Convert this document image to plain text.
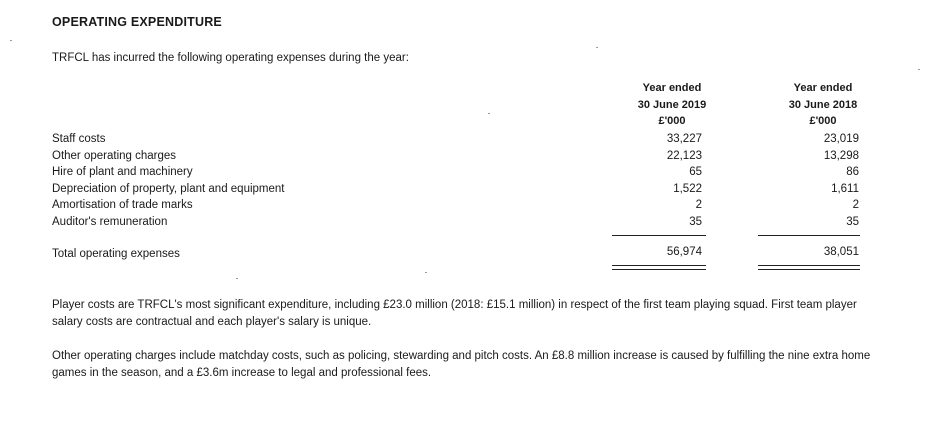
OPERATING EXPENDITURE
TRFCL has incurred the following operating expenses during the year:
Year ended
30 June 2019
£'000
Year ended
30 June 2018
£'000
Staff costs
Other operating charges
Hire of plant and machinery
Depreciation of property, plant and equipment
Amortisation of trade marks
Auditor's remuneration
33,227
22,123
65
1,522
2
35
23,019
13,298
86
1,611
2
35
Total operating expenses	56,974	38,051
Player costs are TRFCL's most significant expenditure, including £23.0 million (2018: £15.1 million) in respect of the first team playing squad. First team player salary costs are contractual and each player's salary is unique.
Other operating charges include matchday costs, such as policing, stewarding and pitch costs. An £8.8 million increase is caused by fulfilling the nine extra home games in the season, and a £3.6m increase to legal and professional fees.
